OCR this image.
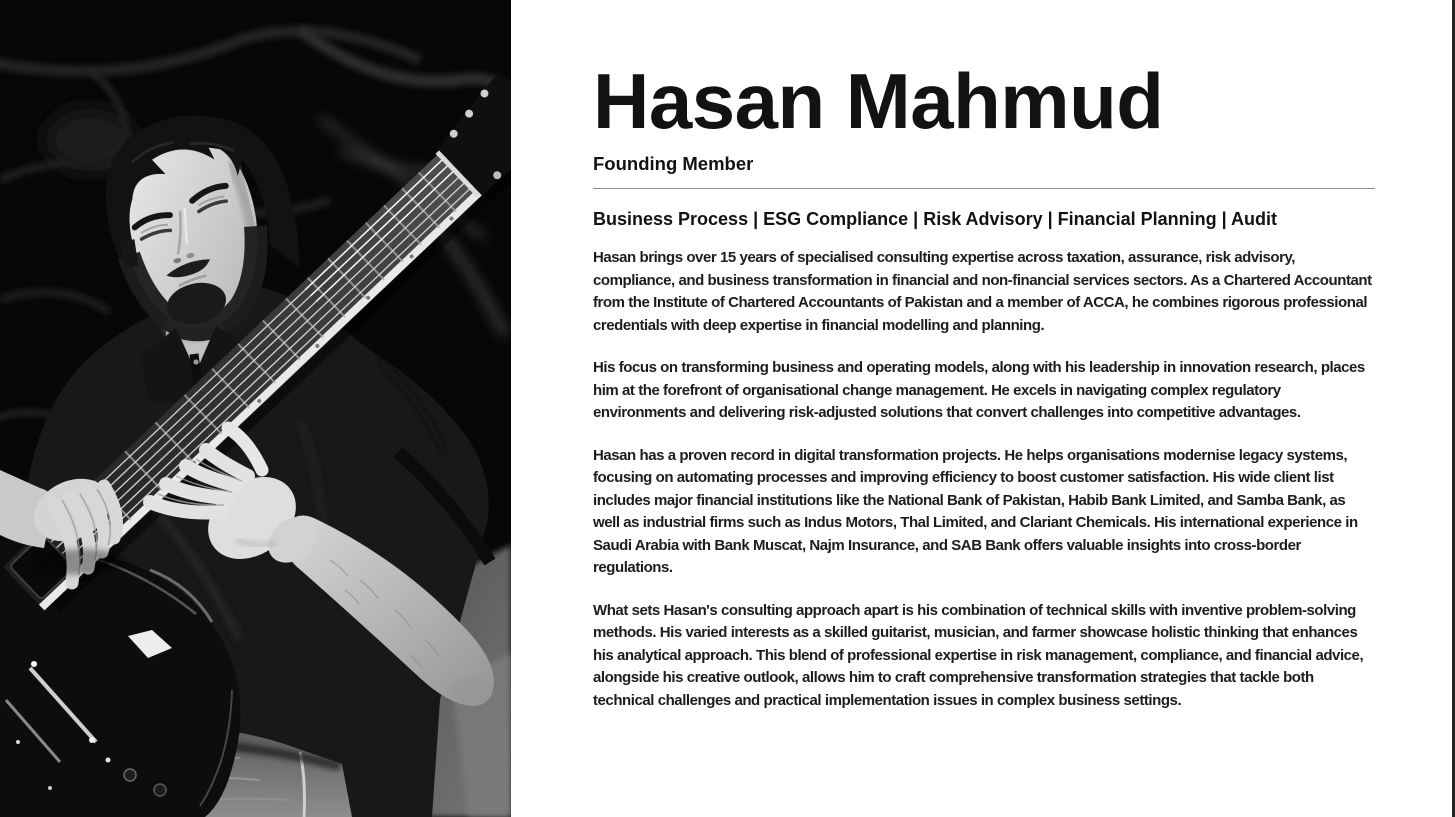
Hasan Mahmud
Founding Member
Business Process | ESG Compliance | Risk Advisory | Financial Planning | Audit

Hasan brings over 15 years of specialised consulting expertise across taxation, assurance, risk advisory, compliance, and business transformation in financial and non-financial services sectors. As a Chartered Accountant from the Institute of Chartered Accountants of Pakistan and a member of ACCA, he combines rigorous professional credentials with deep expertise in financial modelling and planning.

His focus on transforming business and operating models, along with his leadership in innovation research, places him at the forefront of organisational change management. He excels in navigating complex regulatory environments and delivering risk-adjusted solutions that convert challenges into competitive advantages.

Hasan has a proven record in digital transformation projects. He helps organisations modernise legacy systems, focusing on automating processes and improving efficiency to boost customer satisfaction. His wide client list includes major financial institutions like the National Bank of Pakistan, Habib Bank Limited, and Samba Bank, as well as industrial firms such as Indus Motors, Thal Limited, and Clariant Chemicals. His international experience in Saudi Arabia with Bank Muscat, Najm Insurance, and SAB Bank offers valuable insights into cross-border regulations.

What sets Hasan's consulting approach apart is his combination of technical skills with inventive problem-solving methods. His varied interests as a skilled guitarist, musician, and farmer showcase holistic thinking that enhances his analytical approach. This blend of professional expertise in risk management, compliance, and financial advice, alongside his creative outlook, allows him to craft comprehensive transformation strategies that tackle both technical challenges and practical implementation issues in complex business settings.
